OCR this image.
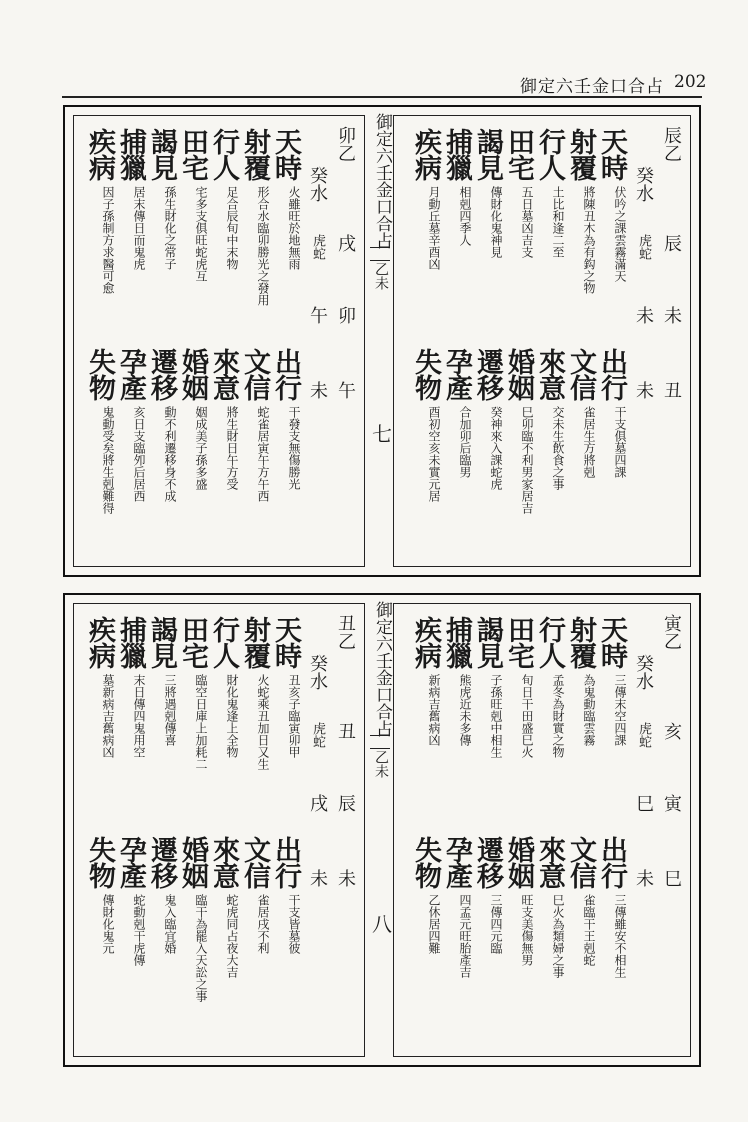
御定六壬金口合占 202
辰乙
辰
未
丑
癸水
虎蛇
未
未
天時
伏吟之課雲霧滿天
射覆
將陳丑木為有鈎之物
行人
土比和逢二至
田宅
五日墓凶吉支
謁見
傳財化鬼神見
捕獵
相剋四季人
疾病
月動丘墓辛酉凶
出行
干支俱墓四課
文信
雀居生方將剋
來意
交未生飲食之事
婚姻
巳卯臨不利男家居吉
遷移
癸神來入課蛇虎
孕產
合加卯后臨男
失物
酉初空亥未實元居
卯乙
戌
卯
午
癸水
虎蛇
午
未
天時
火雖旺於地無雨
射覆
形合水臨卯勝光之發用
行人
足合辰旬中末物
田宅
宅多支俱旺蛇虎互
謁見
孫生財化之常子
捕獵
居末傳日而鬼虎
疾病
因子孫制方求醫可愈
出行
干發支無傷勝光
文信
蛇雀居寅午方午西
來意
將生財日午方受
婚姻
姻成美子孫多盛
遷移
動不利遷移身不成
孕產
亥日支臨夘后居西
失物
鬼動受矣將生剋難得
御定六壬金口合占
乙未
七
寅乙
亥
寅
巳
癸水
虎蛇
巳
未
天時
三傳末空四課
射覆
為鬼動臨雲霧
行人
孟冬為財實之物
田宅
旬日干田盛巳火
謁見
子孫旺剋中相生
捕獵
熊虎近未多傳
疾病
新病吉舊病凶
出行
三傳雖安不相生
文信
雀臨干王剋蛇
來意
巳火為類婦之事
婚姻
旺支美傷無男
遷移
三傳四元臨
孕產
四孟元旺胎產吉
失物
乙休居四難
丑乙
丑
辰
未
癸水
虎蛇
戌
未
天時
丑亥子臨寅卯甲
射覆
火蛇乘丑加日又生
行人
財化鬼逢上全物
田宅
臨空日庫上加耗二
謁見
三將遇剋傳喜
捕獵
末日傳四鬼用空
疾病
墓新病吉舊病凶
出行
干支皆墓彼
文信
雀居戌不利
來意
蛇虎同占夜大吉
婚姻
臨干為罷入天訟之事
遷移
鬼入臨宜婚
孕產
蛇動剋干虎傳
失物
傳財化鬼元
御定六壬金口合占
乙未
八
